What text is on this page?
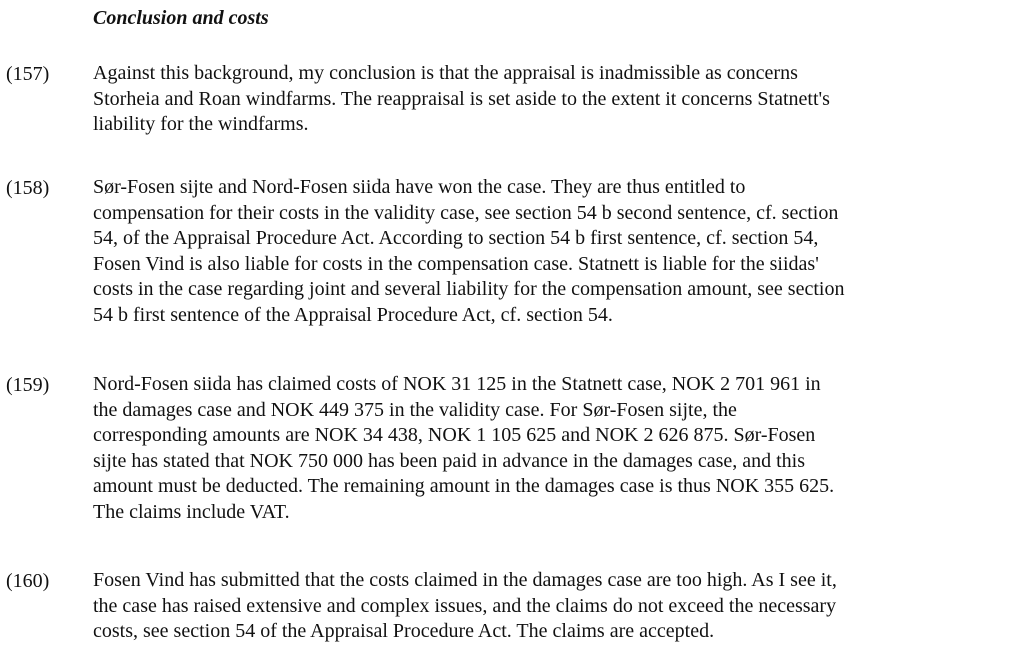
Conclusion and costs
(157) Against this background, my conclusion is that the appraisal is inadmissible as concerns
Storheia and Roan windfarms. The reappraisal is set aside to the extent it concerns Statnett's
liability for the windfarms.
(158) Sør-Fosen sijte and Nord-Fosen siida have won the case. They are thus entitled to
compensation for their costs in the validity case, see section 54 b second sentence, cf. section
54, of the Appraisal Procedure Act. According to section 54 b first sentence, cf. section 54,
Fosen Vind is also liable for costs in the compensation case. Statnett is liable for the siidas'
costs in the case regarding joint and several liability for the compensation amount, see section
54 b first sentence of the Appraisal Procedure Act, cf. section 54.
(159) Nord-Fosen siida has claimed costs of NOK 31 125 in the Statnett case, NOK 2 701 961 in
the damages case and NOK 449 375 in the validity case. For Sør-Fosen sijte, the
corresponding amounts are NOK 34 438, NOK 1 105 625 and NOK 2 626 875. Sør-Fosen
sijte has stated that NOK 750 000 has been paid in advance in the damages case, and this
amount must be deducted. The remaining amount in the damages case is thus NOK 355 625.
The claims include VAT.
(160) Fosen Vind has submitted that the costs claimed in the damages case are too high. As I see it,
the case has raised extensive and complex issues, and the claims do not exceed the necessary
costs, see section 54 of the Appraisal Procedure Act. The claims are accepted.
